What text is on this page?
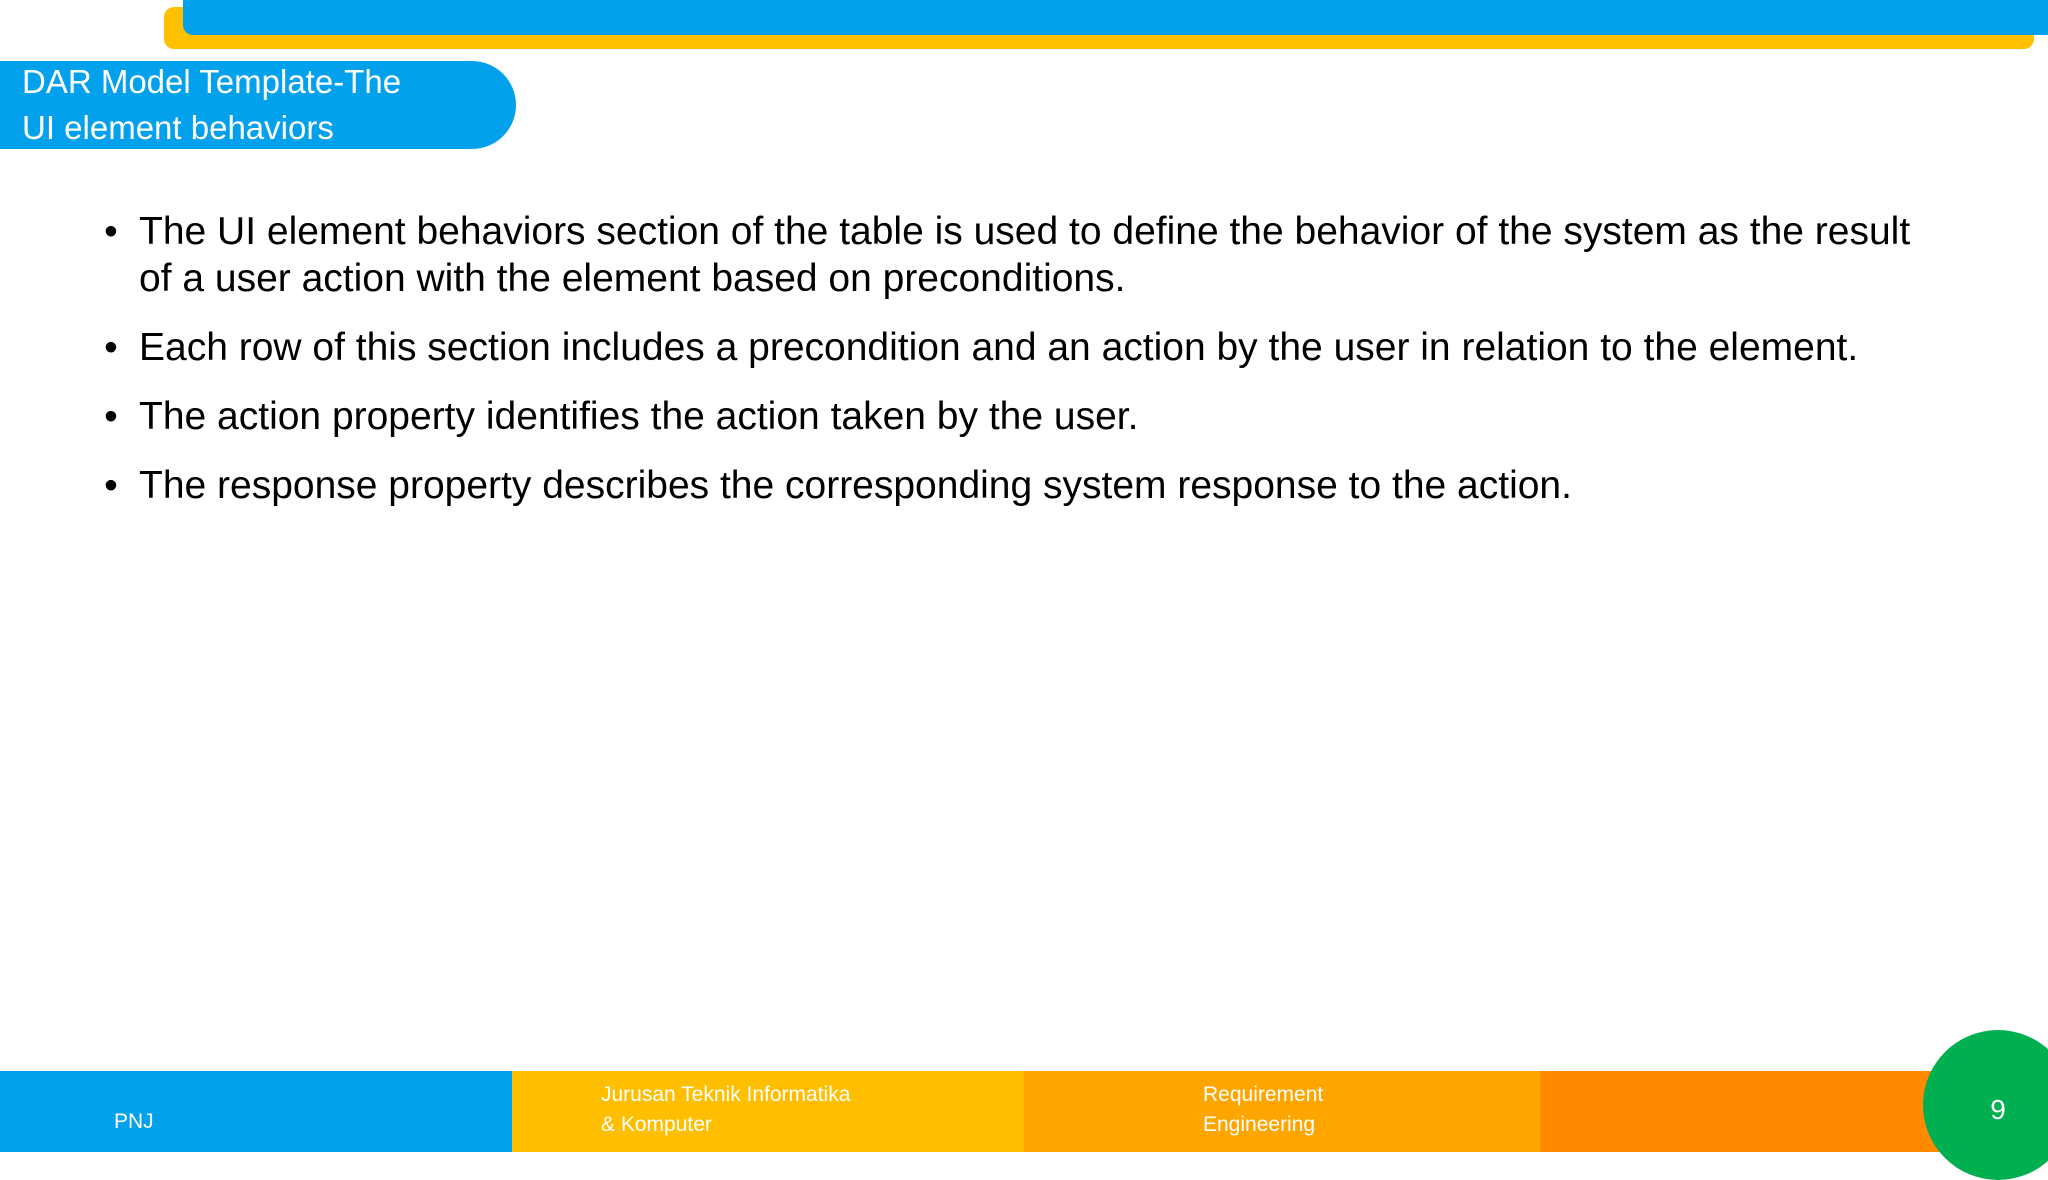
DAR Model Template-The
UI element behaviors
• The UI element behaviors section of the table is used to define the behavior of the system as the result of a user action with the element based on preconditions.
• Each row of this section includes a precondition and an action by the user in relation to the element.
• The action property identifies the action taken by the user.
• The response property describes the corresponding system response to the action.
PNJ
Jurusan Teknik Informatika
& Komputer
Requirement
Engineering	9
